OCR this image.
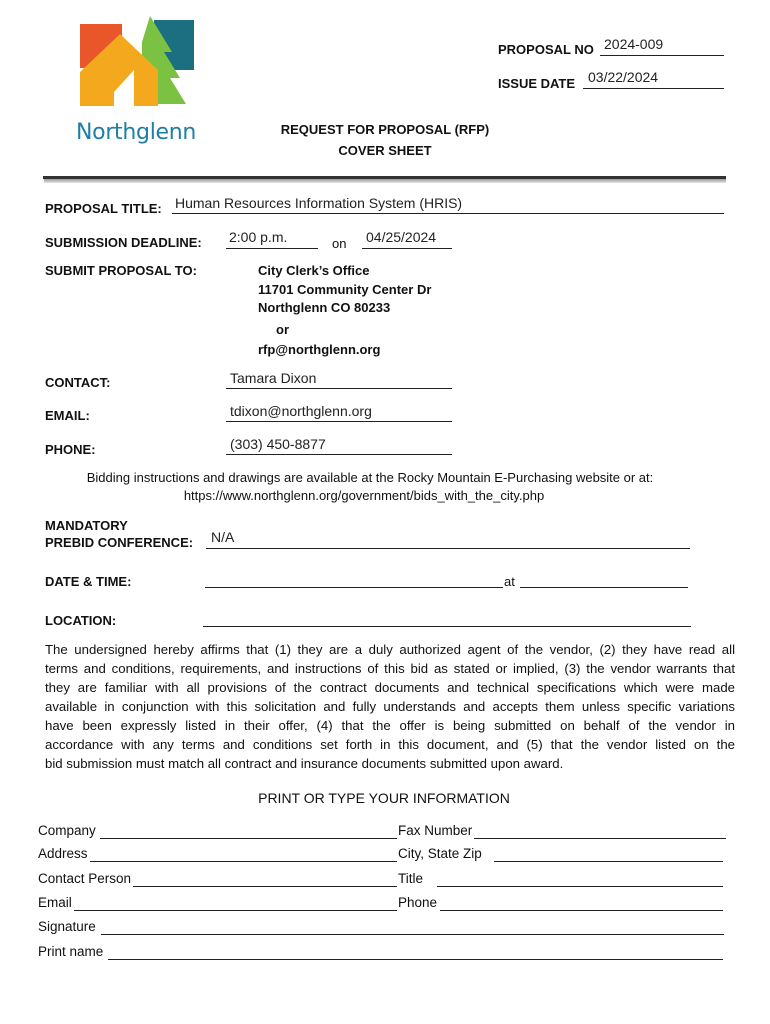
Northglenn
PROPOSAL NO 2024-009
ISSUE DATE 03/22/2024
REQUEST FOR PROPOSAL (RFP)
COVER SHEET
PROPOSAL TITLE: Human Resources Information System (HRIS)
SUBMISSION DEADLINE: 2:00 p.m.	on 04/25/2024
SUBMIT PROPOSAL TO:	City Clerk’s Office
11701 Community Center Dr
Northglenn CO 80233
or
rfp@northglenn.org
CONTACT:	Tamara Dixon
EMAIL:	tdixon@northglenn.org
PHONE:	(303) 450-8877
Bidding instructions and drawings are available at the Rocky Mountain E-Purchasing website or at:
https://www.northglenn.org/government/bids_with_the_city.php
MANDATORY
PREBID CONFERENCE: N/A
DATE & TIME:	at
LOCATION:
The undersigned hereby affirms that (1) they are a duly authorized agent of the vendor, (2) they have read all
terms and conditions, requirements, and instructions of this bid as stated or implied, (3) the vendor warrants that
they are familiar with all provisions of the contract documents and technical specifications which were made
available in conjunction with this solicitation and fully understands and accepts them unless specific variations
have been expressly listed in their offer, (4) that the offer is being submitted on behalf of the vendor in
accordance with any terms and conditions set forth in this document, and (5) that the vendor listed on the
bid submission must match all contract and insurance documents submitted upon award.
PRINT OR TYPE YOUR INFORMATION
Company	Fax Number
Address	City, State Zip
Contact Person	Title
Email	Phone
Signature
Print name
